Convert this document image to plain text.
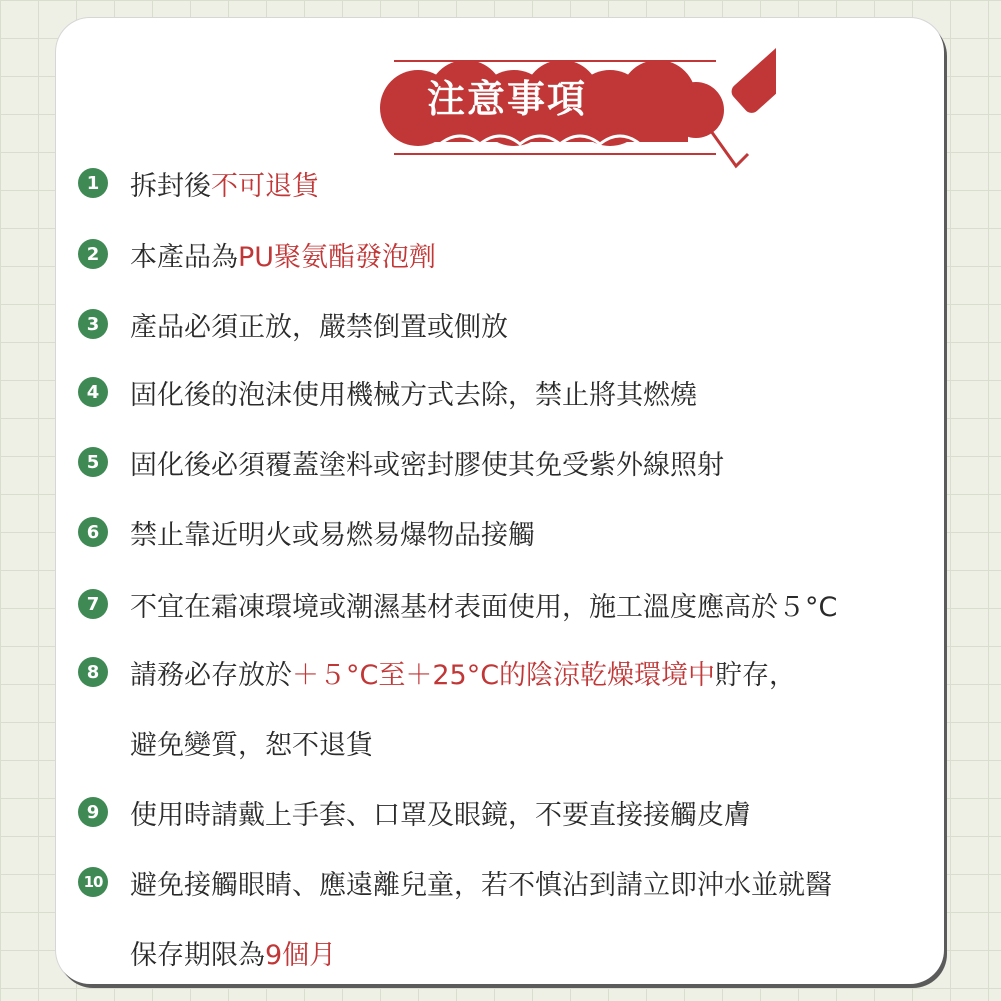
注意事項
1	拆封後 不可退貨
2	本產品為 PU聚氨酯發泡劑
3	產品必須正放，嚴禁倒置或側放
4	固化後的泡沫使用機械方式去除，禁止將其燃燒
5	固化後必須覆蓋塗料或密封膠使其免受紫外線照射
6	禁止靠近明火或易燃易爆物品接觸
7	不宜在霜凍環境或潮濕基材表面使用，施工溫度應高於５°C
8	請務必存放於 ＋５°C至＋25°C的陰涼乾燥環境中 貯存，
避免變質，恕不退貨
9	使用時請戴上手套、口罩及眼鏡，不要直接接觸皮膚
10 避免接觸眼睛、應遠離兒童，若不慎沾到請立即沖水並就醫
保存期限為 9個月
